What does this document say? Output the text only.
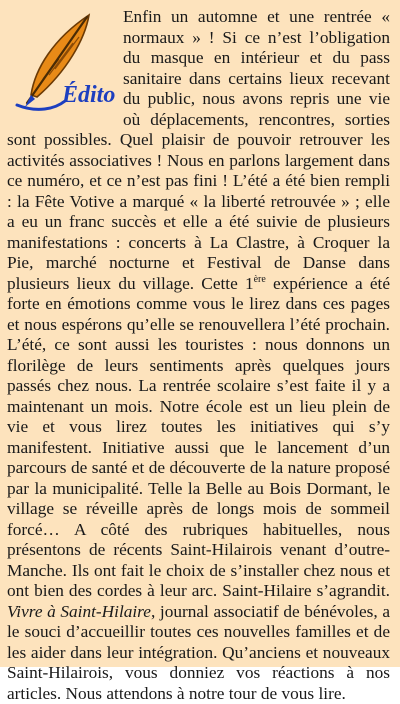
Édito

Enfin un automne et une rentrée « normaux » ! Si ce n’est l’obligation du masque en intérieur et du pass sanitaire dans certains lieux recevant du public, nous avons repris une vie où déplacements, rencontres, sorties sont possibles. Quel plaisir de pouvoir retrouver les activités associatives ! Nous en parlons largement dans ce numéro, et ce n’est pas fini ! L’été a été bien rempli : la Fête Votive a marqué « la liberté retrouvée » ; elle a eu un franc succès et elle a été suivie de plusieurs manifestations : concerts à La Clastre, à Croquer la Pie, marché nocturne et Festival de Danse dans plusieurs lieux du village. Cette 1ère expérience a été forte en émotions comme vous le lirez dans ces pages et nous espérons qu’elle se renouvellera l’été prochain. L’été, ce sont aussi les touristes : nous donnons un florilège de leurs sentiments après quelques jours passés chez nous. La rentrée scolaire s’est faite il y a maintenant un mois. Notre école est un lieu plein de vie et vous lirez toutes les initiatives qui s’y manifestent. Initiative aussi que le lancement d’un parcours de santé et de découverte de la nature proposé par la municipalité. Telle la Belle au Bois Dormant, le village se réveille après de longs mois de sommeil forcé… A côté des rubriques habituelles, nous présentons de récents Saint-Hilairois venant d’outre-Manche. Ils ont fait le choix de s’installer chez nous et ont bien des cordes à leur arc. Saint-Hilaire s’agrandit. Vivre à Saint-Hilaire, journal associatif de bénévoles, a le souci d’accueillir toutes ces nouvelles familles et de les aider dans leur intégration. Qu’anciens et nouveaux Saint-Hilairois, vous donniez vos réactions à nos articles. Nous attendons à notre tour de vous lire.
